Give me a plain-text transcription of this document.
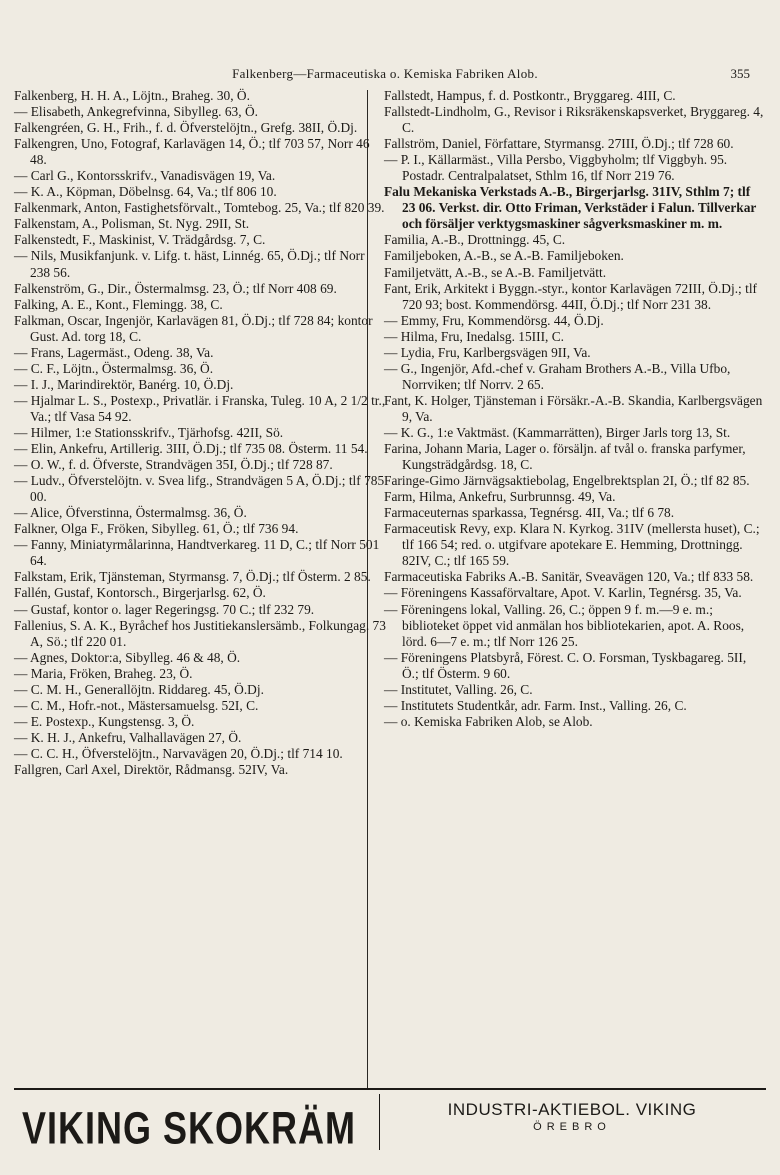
Falkenberg—Farmaceutiska o. Kemiska Fabriken Alob.	355
Falkenberg, H. H. A., Löjtn., Braheg. 30, Ö.
— Elisabeth, Ankegrefvinna, Sibylleg. 63, Ö.
Falkengréen, G. H., Frih., f. d. Öfverstelöjtn., Grefg. 38II, Ö.Dj.
Falkengren, Uno, Fotograf, Karlavägen 14, Ö.; tlf 703 57, Norr 46 48.
— Carl G., Kontorsskrifv., Vanadisvägen 19, Va.
— K. A., Köpman, Döbelnsg. 64, Va.; tlf 806 10.
Falkenmark, Anton, Fastighetsförvalt., Tomtebog. 25, Va.; tlf 820 39.
Falkenstam, A., Polisman, St. Nyg. 29II, St.
Falkenstedt, F., Maskinist, V. Trädgårdsg. 7, C.
— Nils, Musikfanjunk. v. Lifg. t. häst, Linnég. 65, Ö.Dj.; tlf Norr 238 56.
Falkenström, G., Dir., Östermalmsg. 23, Ö.; tlf Norr 408 69.
Falking, A. E., Kont., Flemingg. 38, C.
Falkman, Oscar, Ingenjör, Karlavägen 81, Ö.Dj.; tlf 728 84; kontor Gust. Ad. torg 18, C.
— Frans, Lagermäst., Odeng. 38, Va.
— C. F., Löjtn., Östermalmsg. 36, Ö.
— I. J., Marindirektör, Banérg. 10, Ö.Dj.
— Hjalmar L. S., Postexp., Privatlär. i Franska, Tuleg. 10 A, 2 1/2 tr., Va.; tlf Vasa 54 92.
— Hilmer, 1:e Stationsskrifv., Tjärhofsg. 42II, Sö.
— Elin, Ankefru, Artillerig. 3III, Ö.Dj.; tlf 735 08. Österm. 11 54.
— O. W., f. d. Öfverste, Strandvägen 35I, Ö.Dj.; tlf 728 87.
— Ludv., Öfverstelöjtn. v. Svea lifg., Strandvägen 5 A, Ö.Dj.; tlf 785 00.
— Alice, Öfverstinna, Östermalmsg. 36, Ö.
Falkner, Olga F., Fröken, Sibylleg. 61, Ö.; tlf 736 94.
— Fanny, Miniatyrmålarinna, Handtverkareg. 11 D, C.; tlf Norr 501 64.
Falkstam, Erik, Tjänsteman, Styrmansg. 7, Ö.Dj.; tlf Österm. 2 85.
Fallén, Gustaf, Kontorsch., Birgerjarlsg. 62, Ö.
— Gustaf, kontor o. lager Regeringsg. 70 C.; tlf 232 79.
Fallenius, S. A. K., Byråchef hos Justitiekanslersämb., Folkungag. 73 A, Sö.; tlf 220 01.
— Agnes, Doktor:a, Sibylleg. 46 & 48, Ö.
— Maria, Fröken, Braheg. 23, Ö.
— C. M. H., Generallöjtn. Riddareg. 45, Ö.Dj.
— C. M., Hofr.-not., Mästersamuelsg. 52I, C.
— E. Postexp., Kungstensg. 3, Ö.
— K. H. J., Ankefru, Valhallavägen 27, Ö.
— C. C. H., Öfverstelöjtn., Narvavägen 20, Ö.Dj.; tlf 714 10.
Fallgren, Carl Axel, Direktör, Rådmansg. 52IV, Va.
Fallstedt, Hampus, f. d. Postkontr., Bryggareg. 4III, C.
Fallstedt-Lindholm, G., Revisor i Riksräkenskapsverket, Bryggareg. 4, C.
Fallström, Daniel, Författare, Styrmansg. 27III, Ö.Dj.; tlf 728 60.
— P. I., Källarmäst., Villa Persbo, Viggbyholm; tlf Viggbyh. 95. Postadr. Centralpalatset, Sthlm 16, tlf Norr 219 76.
Falu Mekaniska Verkstads A.-B., Birgerjarlsg. 31IV, Sthlm 7; tlf 23 06. Verkst. dir. Otto Friman, Verkstäder i Falun. Tillverkar och försäljer verktygsmaskiner sågverksmaskiner m. m.
Familia, A.-B., Drottningg. 45, C.
Familjeboken, A.-B., se A.-B. Familjeboken.
Familjetvätt, A.-B., se A.-B. Familjetvätt.
Fant, Erik, Arkitekt i Byggn.-styr., kontor Karlavägen 72III, Ö.Dj.; tlf 720 93; bost. Kommendörsg. 44II, Ö.Dj.; tlf Norr 231 38.
— Emmy, Fru, Kommendörsg. 44, Ö.Dj.
— Hilma, Fru, Inedalsg. 15III, C.
— Lydia, Fru, Karlbergsvägen 9II, Va.
— G., Ingenjör, Afd.-chef v. Graham Brothers A.-B., Villa Ufbo, Norrviken; tlf Norrv. 2 65.
Fant, K. Holger, Tjänsteman i Försäkr.-A.-B. Skandia, Karlbergsvägen 9, Va.
— K. G., 1:e Vaktmäst. (Kammarrätten), Birger Jarls torg 13, St.
Farina, Johann Maria, Lager o. försäljn. af tvål o. franska parfymer, Kungsträdgårdsg. 18, C.
Faringe-Gimo Järnvägsaktiebolag, Engelbrektsplan 2I, Ö.; tlf 82 85.
Farm, Hilma, Ankefru, Surbrunnsg. 49, Va.
Farmaceuternas sparkassa, Tegnérsg. 4II, Va.; tlf 6 78.
Farmaceutisk Revy, exp. Klara N. Kyrkog. 31IV (mellersta huset), C.; tlf 166 54; red. o. utgifvare apotekare E. Hemming, Drottningg. 82IV, C.; tlf 165 59.
Farmaceutiska Fabriks A.-B. Sanitär, Sveavägen 120, Va.; tlf 833 58.
— Föreningens Kassaförvaltare, Apot. V. Karlin, Tegnérsg. 35, Va.
— Föreningens lokal, Valling. 26, C.; öppen 9 f. m.—9 e. m.; biblioteket öppet vid anmälan hos bibliotekarien, apot. A. Roos, lörd. 6—7 e. m.; tlf Norr 126 25.
— Föreningens Platsbyrå, Förest. C. O. Forsman, Tyskbagareg. 5II, Ö.; tlf Österm. 9 60.
— Institutet, Valling. 26, C.
— Institutets Studentkår, adr. Farm. Inst., Valling. 26, C.
— o. Kemiska Fabriken Alob, se Alob.
VIKING SKOKRÄM	INDUSTRI-AKTIEBOL. VIKING
ÖREBRO
